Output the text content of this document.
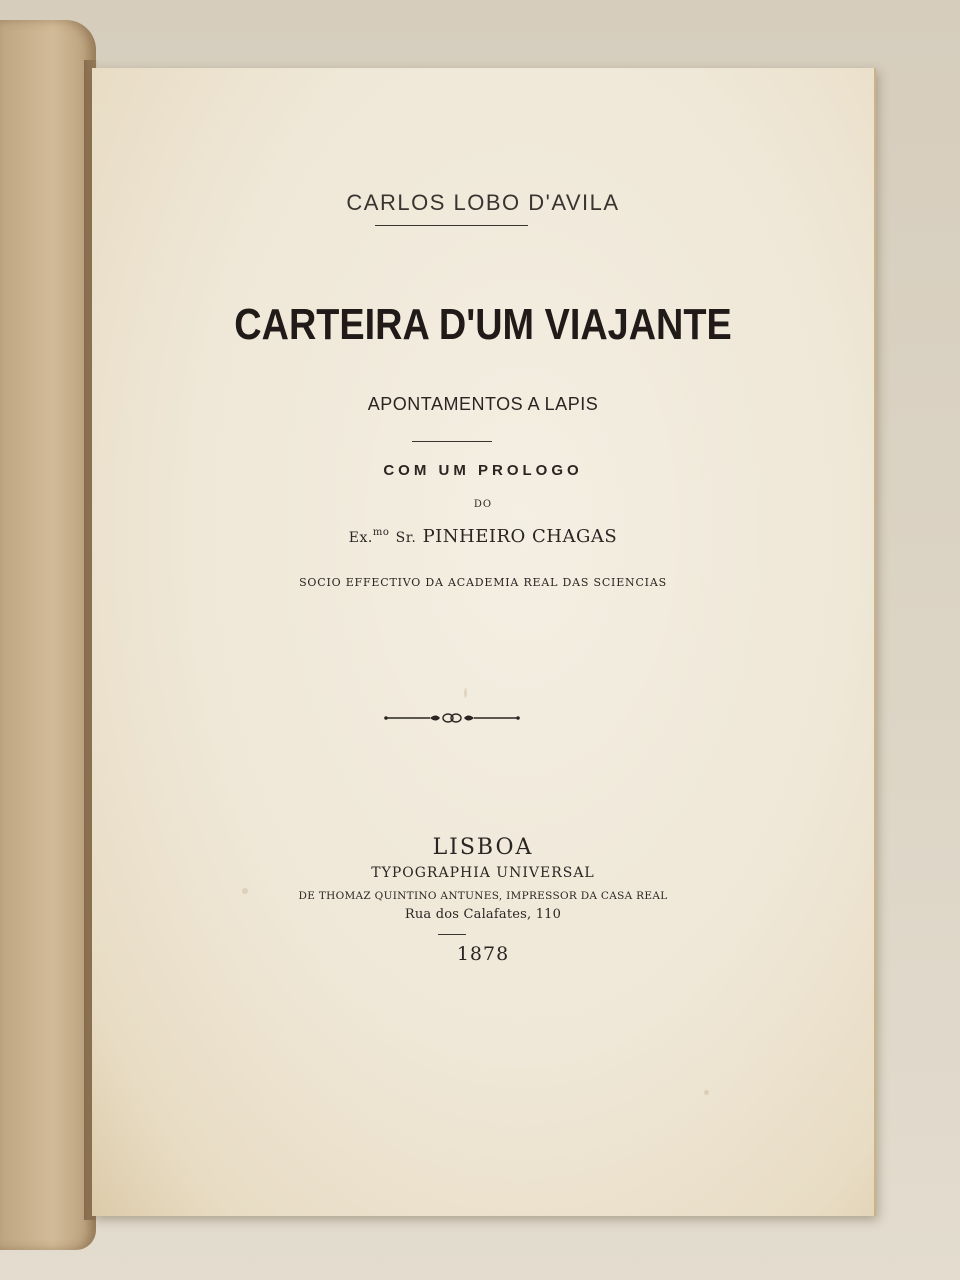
CARLOS LOBO D'AVILA
CARTEIRA D'UM VIAJANTE
APONTAMENTOS A LAPIS
COM UM PROLOGO
DO
Ex.$^{mo}$ Sr. PINHEIRO CHAGAS
SOCIO EFFECTIVO DA ACADEMIA REAL DAS SCIENCIAS
LISBOA
TYPOGRAPHIA UNIVERSAL
DE THOMAZ QUINTINO ANTUNES, IMPRESSOR DA CASA REAL
Rua dos Calafates, 110
1878
